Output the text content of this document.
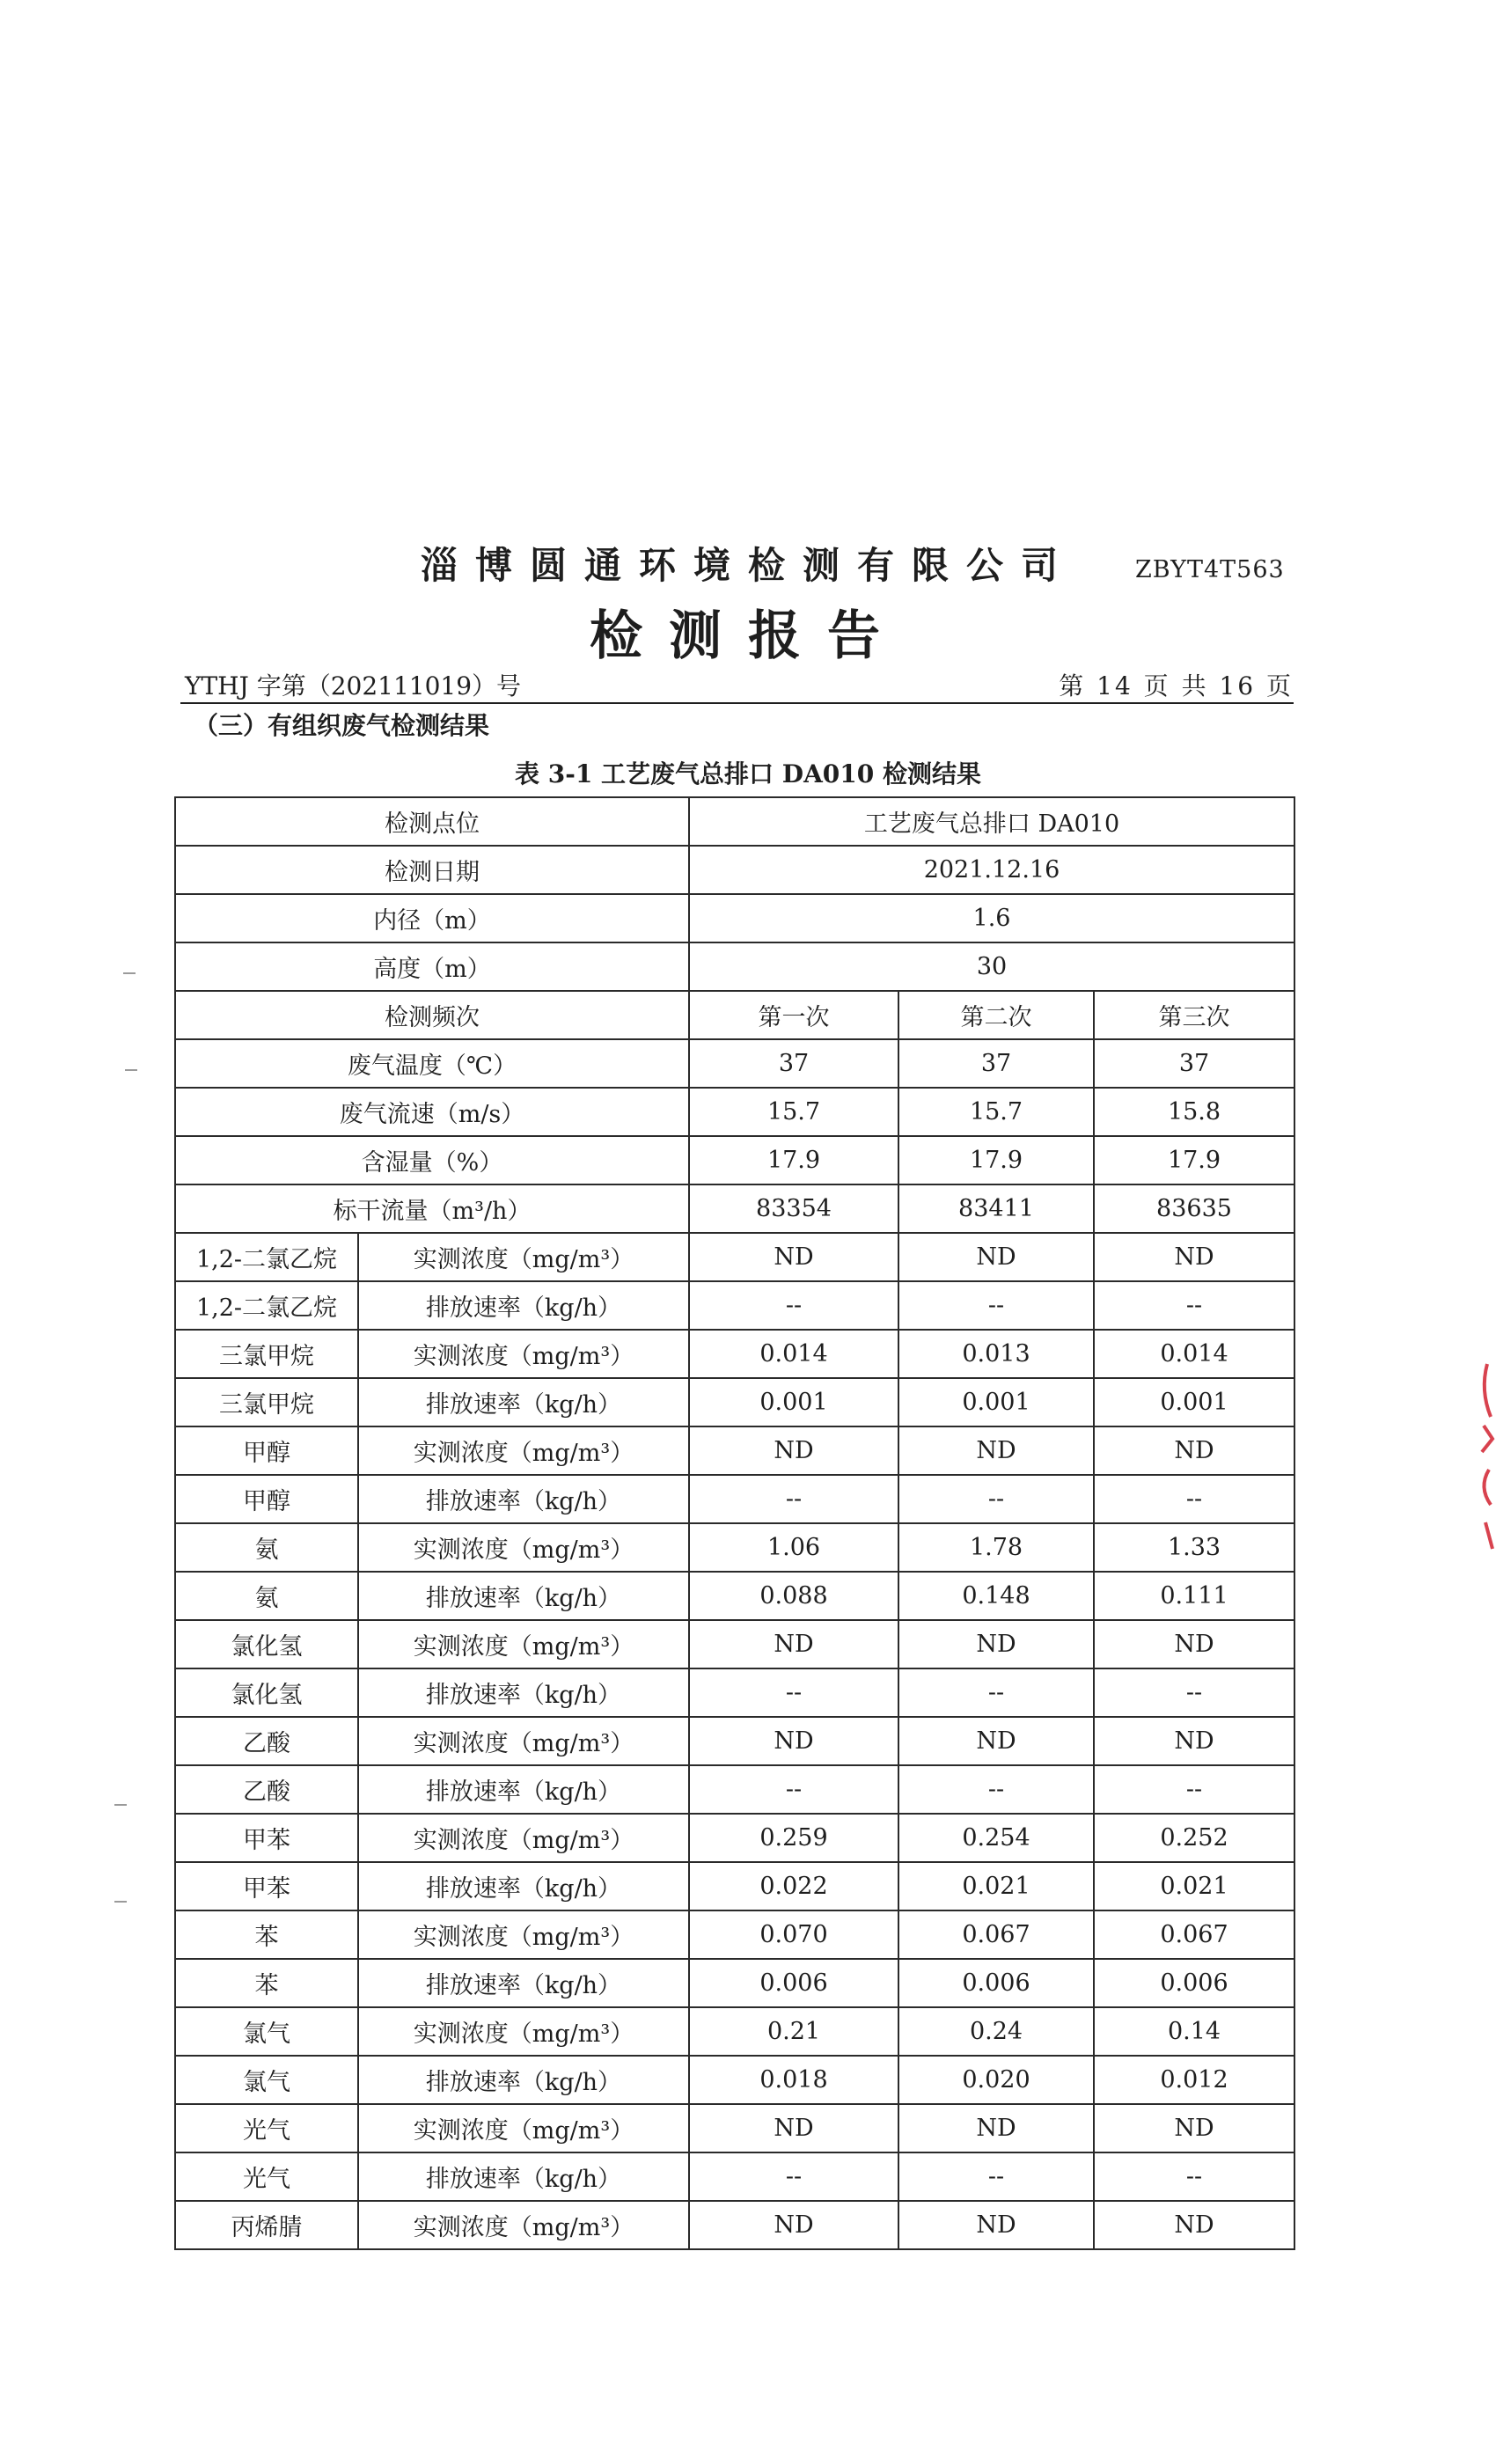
淄博圆通环境检测有限公司	ZBYT4T563
检测报告
YTHJ 字第（202111019）号	第 14 页 共 16 页
（三）有组织废气检测结果
表 3-1 工艺废气总排口 DA010 检测结果
检测点位		工艺废气总排口 DA010		
检测日期		2021.12.16		
内径（m）		1.6		
高度（m）		30		
检测频次		第一次	第二次	第三次
废气温度（℃）		37	37	37
废气流速（m/s）		15.7	15.7	15.8
含湿量（%）		17.9	17.9	17.9
标干流量（m³/h）		83354	83411	83635
1,2-二氯乙烷	实测浓度（mg/m³）	ND	ND	ND
1,2-二氯乙烷	排放速率（kg/h）	--	--	--
三氯甲烷	实测浓度（mg/m³）	0.014	0.013	0.014
三氯甲烷	排放速率（kg/h）	0.001	0.001	0.001
甲醇	实测浓度（mg/m³）	ND	ND	ND
甲醇	排放速率（kg/h）	--	--	--
氨	实测浓度（mg/m³）	1.06	1.78	1.33
氨	排放速率（kg/h）	0.088	0.148	0.111
氯化氢	实测浓度（mg/m³）	ND	ND	ND
氯化氢	排放速率（kg/h）	--	--	--
乙酸	实测浓度（mg/m³）	ND	ND	ND
乙酸	排放速率（kg/h）	--	--	--
甲苯	实测浓度（mg/m³）	0.259	0.254	0.252
甲苯	排放速率（kg/h）	0.022	0.021	0.021
苯	实测浓度（mg/m³）	0.070	0.067	0.067
苯	排放速率（kg/h）	0.006	0.006	0.006
氯气	实测浓度（mg/m³）	0.21	0.24	0.14
氯气	排放速率（kg/h）	0.018	0.020	0.012
光气	实测浓度（mg/m³）	ND	ND	ND
光气	排放速率（kg/h）	--	--	--
丙烯腈	实测浓度（mg/m³）	ND	ND	ND
